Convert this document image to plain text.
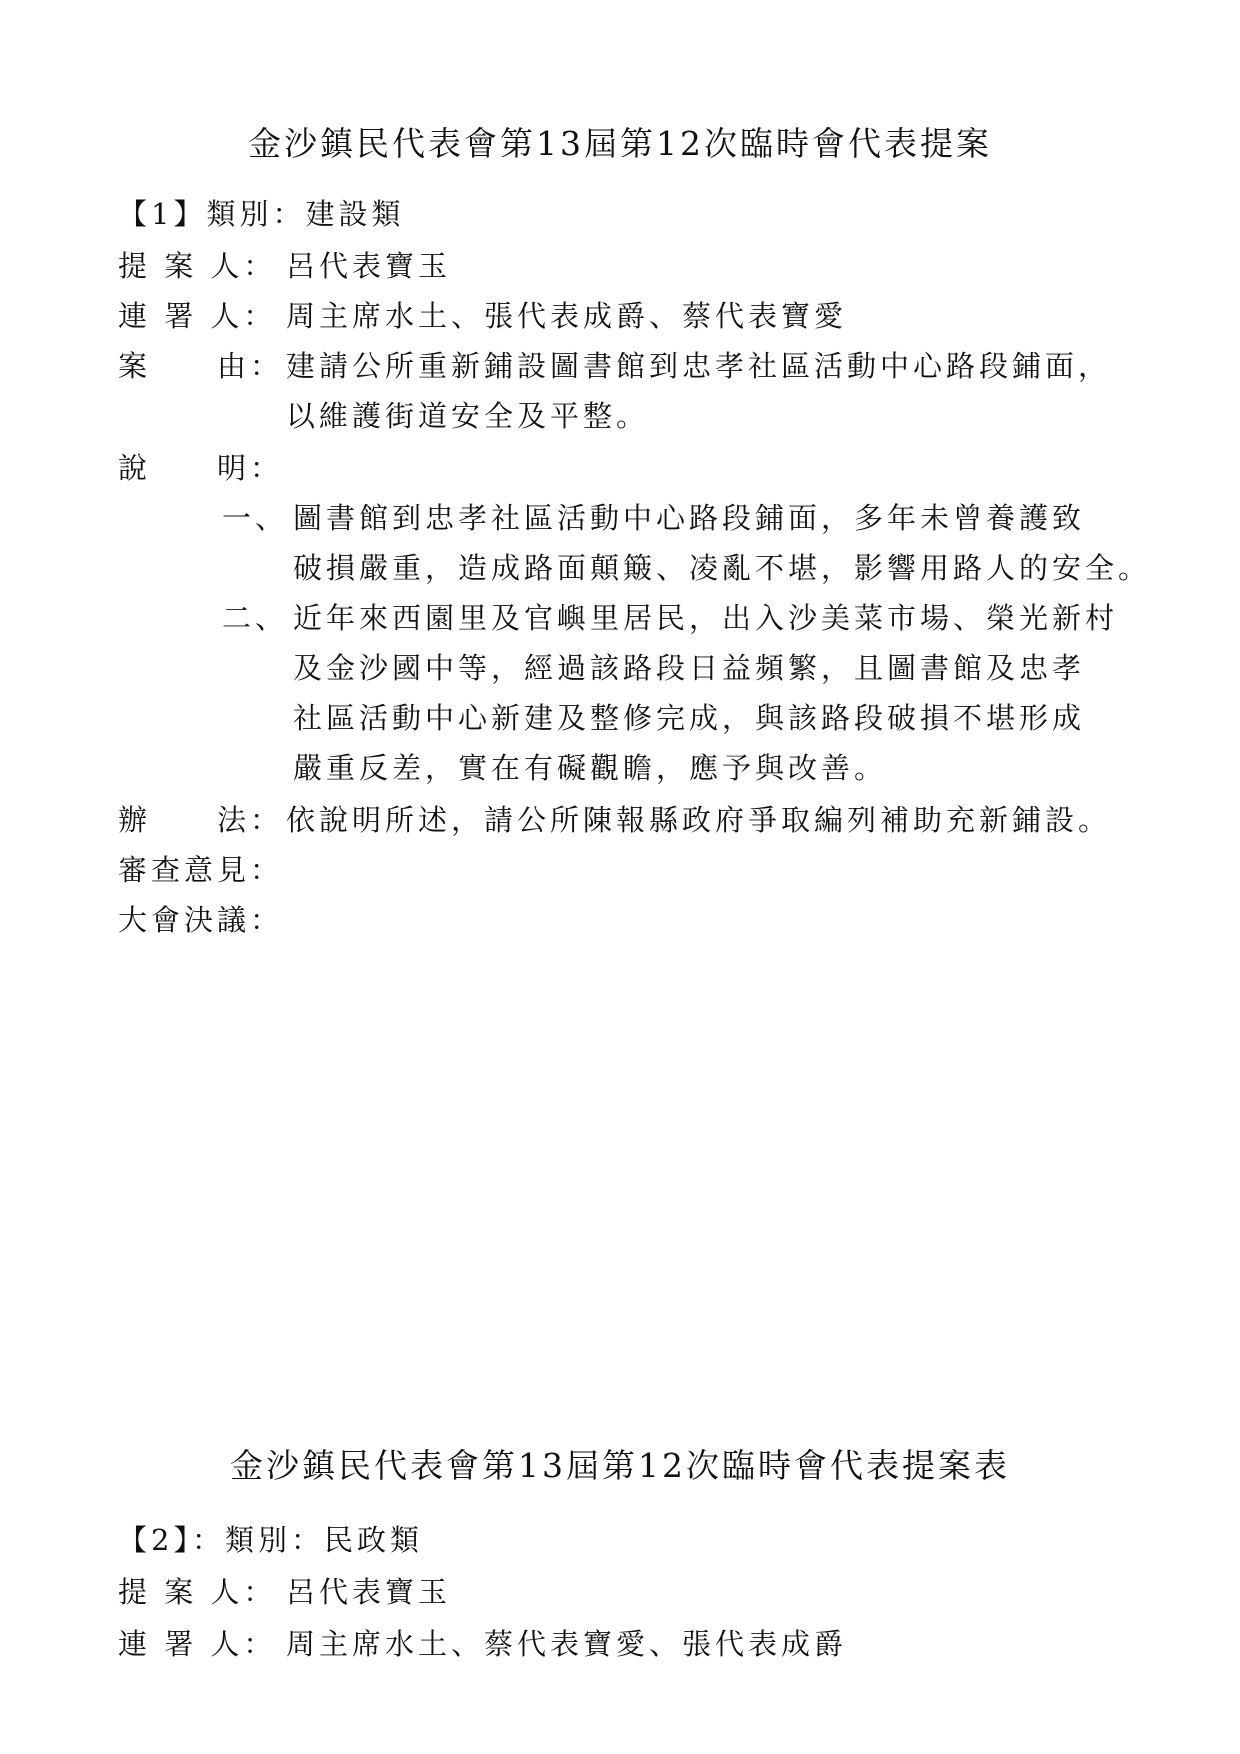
金沙鎮民代表會第13屆第12次臨時會代表提案
【1】類別：建設類
提 案 人： 呂代表寶玉
連 署 人： 周主席水土、張代表成爵、蔡代表寶愛
案　　由： 建請公所重新鋪設圖書館到忠孝社區活動中心路段鋪面，
以維護街道安全及平整。
說　　明：
一、 圖書館到忠孝社區活動中心路段鋪面，多年未曾養護致
破損嚴重，造成路面顛簸、凌亂不堪，影響用路人的安全。
二、 近年來西園里及官嶼里居民，出入沙美菜市場、榮光新村
及金沙國中等，經過該路段日益頻繁，且圖書館及忠孝
社區活動中心新建及整修完成，與該路段破損不堪形成
嚴重反差，實在有礙觀瞻，應予與改善。
辦　　法： 依說明所述，請公所陳報縣政府爭取編列補助充新鋪設。
審查意見：
大會決議：
金沙鎮民代表會第13屆第12次臨時會代表提案表
【2】：類別：民政類
提 案 人： 呂代表寶玉
連 署 人： 周主席水土、蔡代表寶愛、張代表成爵
